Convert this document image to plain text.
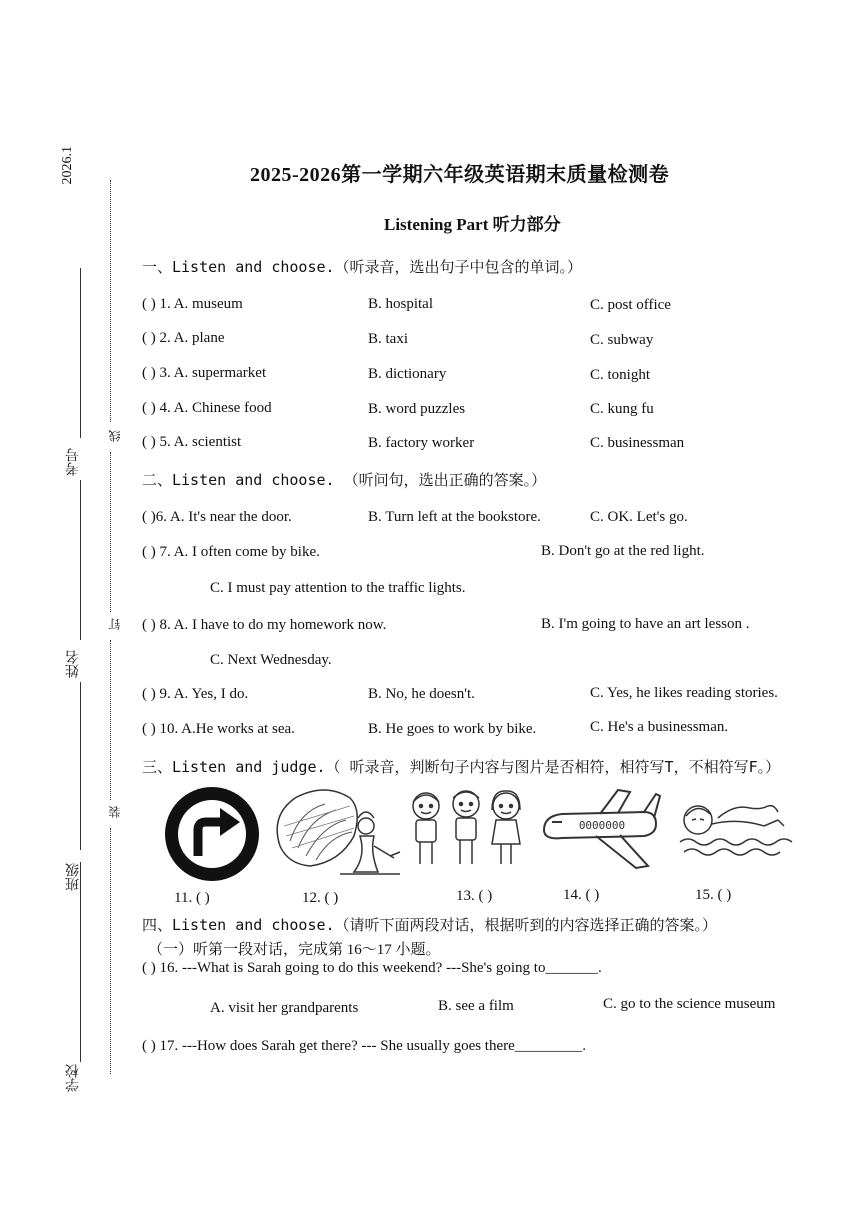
2026.1
学校
班级
姓名
考号
线
钉
装
2025-2026第一学期六年级英语期末质量检测卷
Listening Part 听力部分
一、Listen and choose.（听录音，选出句子中包含的单词。）
( ) 1. A. museum	B. hospital	C. post office
( ) 2. A. plane	B. taxi	C. subway
( ) 3. A. supermarket	B. dictionary	C. tonight
( ) 4. A. Chinese food	B. word puzzles	C. kung fu
( ) 5. A. scientist	B. factory worker	C. businessman
二、Listen and choose. （听问句，选出正确的答案。）
( )6. A. It's near the door.	B. Turn left at the bookstore.	C. OK. Let's go.
( ) 7. A. I often come by bike.	B. Don't go at the red light.
C. I must pay attention to the traffic lights.
( ) 8. A. I have to do my homework now.	B. I'm going to have an art lesson .
C. Next Wednesday.
( ) 9. A. Yes, I do.	B. No, he doesn't.	C. Yes, he likes reading stories.
( ) 10. A.He works at sea.	B. He goes to work by bike.	C. He's a businessman.
三、Listen and judge.（ 听录音，判断句子内容与图片是否相符，相符写T，不相符写F。）
0000000
11. ( )	12. ( )	13. ( )	14. ( )	15. ( )
四、Listen and choose.（请听下面两段对话，根据听到的内容选择正确的答案。）
（一）听第一段对话，完成第 16～17 小题。
( ) 16. ---What is Sarah going to do this weekend? ---She's going to_______.
A. visit her grandparents	B. see a film	C. go to the science museum
( ) 17. ---How does Sarah get there? --- She usually goes there_________.
